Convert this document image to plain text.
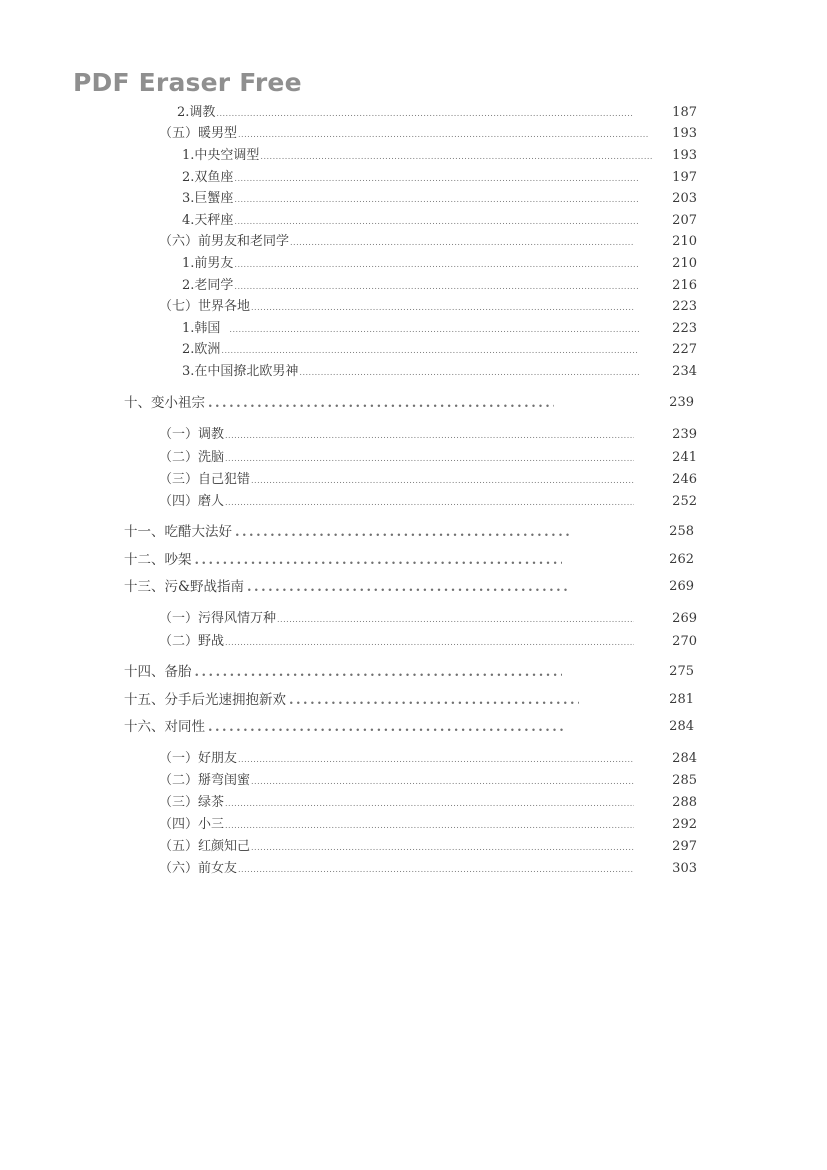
PDF Eraser Free
2.调教 .....	187
（五）暖男型 .....	193
1.中央空调型 .....	193
2.双鱼座 .....	197
3.巨蟹座 .....	203
4.天秤座 .....	207
（六）前男友和老同学 .....	210
1.前男友 .....	210
2.老同学 .....	216
（七）世界各地 .....	223
1.韩国 .....	223
2.欧洲 .....	227
3.在中国撩北欧男神 .....	234
十、变小祖宗 .....	239
（一）调教 .....	239
（二）洗脑 .....	241
（三）自己犯错 .....	246
（四）磨人 .....	252
十一、吃醋大法好 .....	258
十二、吵架 .....	262
十三、污&野战指南 .....	269
（一）污得风情万种 .....	269
（二）野战 .....	270
十四、备胎 .....	275
十五、分手后光速拥抱新欢 .....	281
十六、对同性 .....	284
（一）好朋友 .....	284
（二）掰弯闺蜜 .....	285
（三）绿茶 .....	288
（四）小三 .....	292
（五）红颜知己 .....	297
（六）前女友 .....	303
